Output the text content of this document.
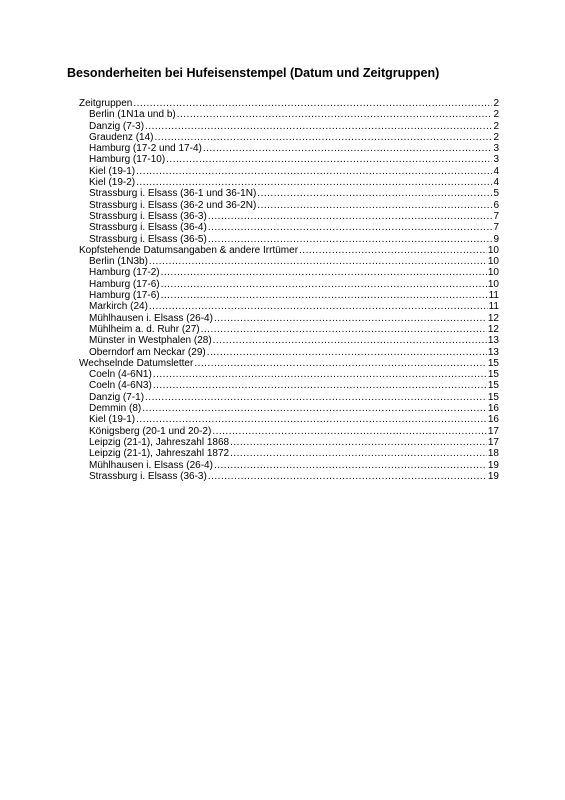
Besonderheiten bei Hufeisenstempel (Datum und Zeitgruppen)
Zeitgruppen .....	2
Berlin (1N1a und b) .....	2
Danzig (7-3) .....	2
Graudenz (14) .....	2
Hamburg (17-2 und 17-4) .....	3
Hamburg (17-10) .....	3
Kiel (19-1) .....	4
Kiel (19-2) .....	4
Strassburg i. Elsass (36-1 und 36-1N) .....	5
Strassburg i. Elsass (36-2 und 36-2N) .....	6
Strassburg i. Elsass (36-3) .....	7
Strassburg i. Elsass (36-4) .....	7
Strassburg i. Elsass (36-5) .....	9
Kopfstehende Datumsangaben & andere Irrtümer .....	10
Berlin (1N3b) .....	10
Hamburg (17-2) .....	10
Hamburg (17-6) .....	10
Hamburg (17-6) .....	11
Markirch (24) .....	11
Mühlhausen i. Elsass (26-4) .....	12
Mühlheim a. d. Ruhr (27) .....	12
Münster in Westphalen (28) .....	13
Oberndorf am Neckar (29) .....	13
Wechselnde Datumsletter .....	15
Coeln (4-6N1) .....	15
Coeln (4-6N3) .....	15
Danzig (7-1) .....	15
Demmin (8) .....	16
Kiel (19-1) .....	16
Königsberg (20-1 und 20-2) .....	17
Leipzig (21-1), Jahreszahl 1868 .....	17
Leipzig (21-1), Jahreszahl 1872 .....	18
Mühlhausen i. Elsass (26-4) .....	19
Strassburg i. Elsass (36-3) .....	19
